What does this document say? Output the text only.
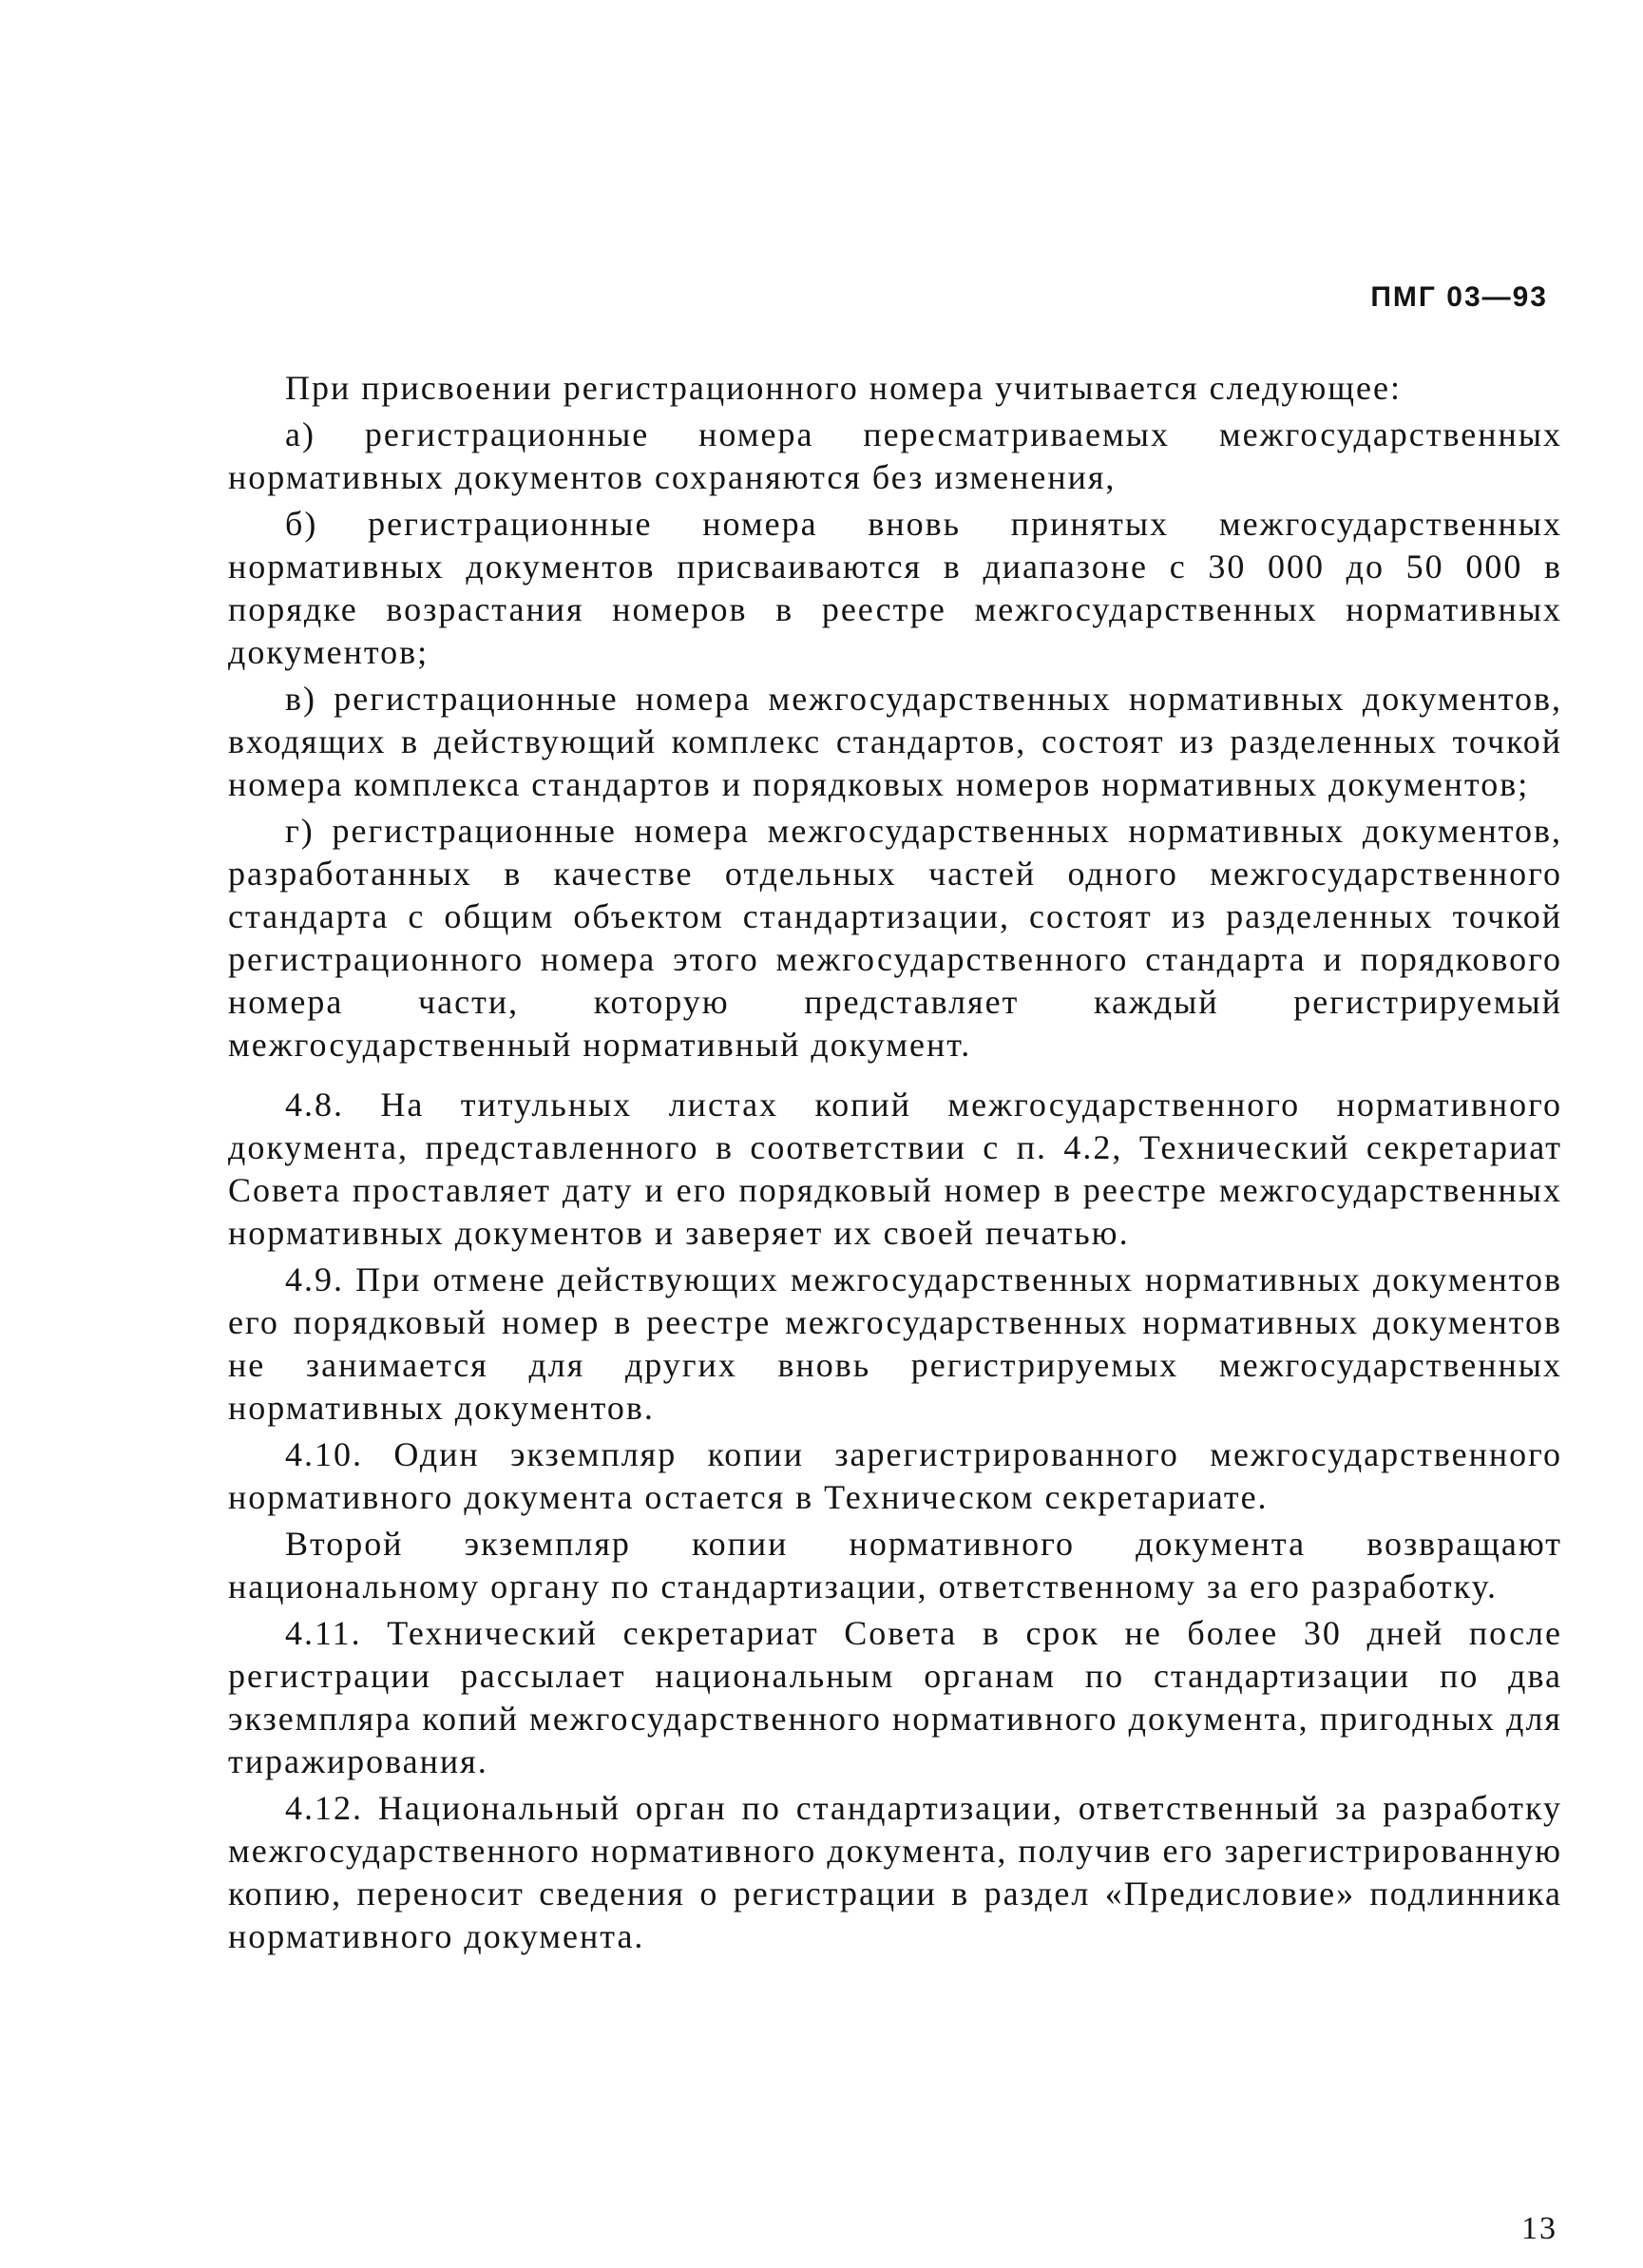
ПМГ 03—93

При присвоении регистрационного номера учитывается следующее:

а) регистрационные номера пересматриваемых межгосударственных нормативных документов сохраняются без изменения,

б) регистрационные номера вновь принятых межгосударственных нормативных документов присваиваются в диапазоне с 30 000 до 50 000 в порядке возрастания номеров в реестре межгосударственных нормативных документов;

в) регистрационные номера межгосударственных нормативных документов, входящих в действующий комплекс стандартов, состоят из разделенных точкой номера комплекса стандартов и порядковых номеров нормативных документов;

г) регистрационные номера межгосударственных нормативных документов, разработанных в качестве отдельных частей одного межгосударственного стандарта с общим объектом стандартизации, состоят из разделенных точкой регистрационного номера этого межгосударственного стандарта и порядкового номера части, которую представляет каждый регистрируемый межгосударственный нормативный документ.

4.8. На титульных листах копий межгосударственного нормативного документа, представленного в соответствии с п. 4.2, Технический секретариат Совета проставляет дату и его порядковый номер в реестре межгосударственных нормативных документов и заверяет их своей печатью.

4.9. При отмене действующих межгосударственных нормативных документов его порядковый номер в реестре межгосударственных нормативных документов не занимается для других вновь регистрируемых межгосударственных нормативных документов.

4.10. Один экземпляр копии зарегистрированного межгосударственного нормативного документа остается в Техническом секретариате.

Второй экземпляр копии нормативного документа возвращают национальному органу по стандартизации, ответственному за его разработку.

4.11. Технический секретариат Совета в срок не более 30 дней после регистрации рассылает национальным органам по стандартизации по два экземпляра копий межгосударственного нормативного документа, пригодных для тиражирования.

4.12. Национальный орган по стандартизации, ответственный за разработку межгосударственного нормативного документа, получив его зарегистрированную копию, переносит сведения о регистрации в раздел «Предисловие» подлинника нормативного документа.

13
